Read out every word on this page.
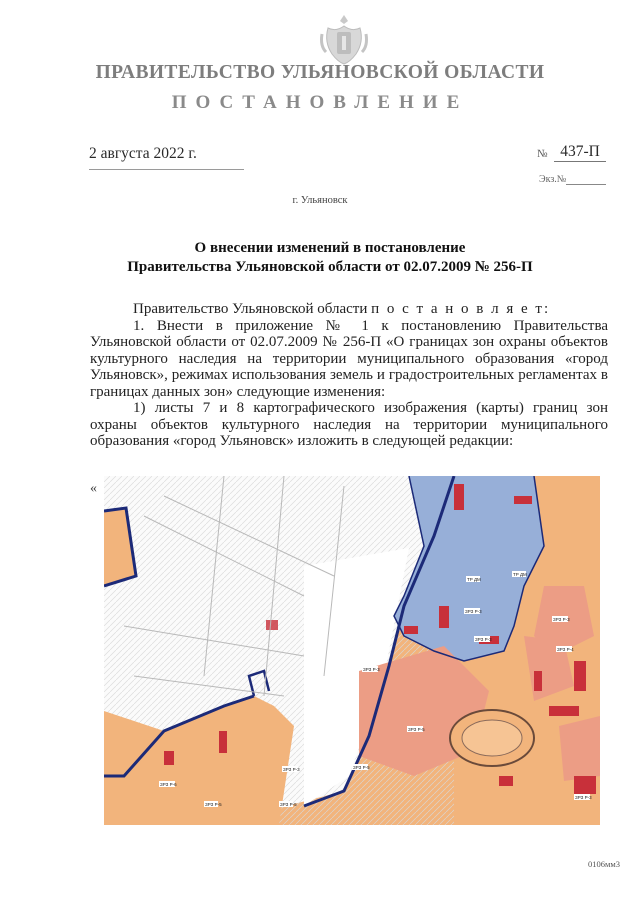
ПРАВИТЕЛЬСТВО УЛЬЯНОВСКОЙ ОБЛАСТИ
ПОСТАНОВЛЕНИЕ
2 августа 2022 г.	№ 437-П
Экз.№
г. Ульяновск
О внесении изменений в постановление
Правительства Ульяновской области от 02.07.2009 № 256-П

Правительство Ульяновской области п о с т а н о в л я е т:

1. Внести в приложение № 1 к постановлению Правительства Ульяновской области от 02.07.2009 № 256-П «О границах зон охраны объектов культурного наследия на территории муниципального образования «город Ульяновск», режимах использования земель и градостроительных регламентах в границах данных зон» следующие изменения:

1) листы 7 и 8 картографического изображения (карты) границ зон охраны объектов культурного наследия на территории муниципального образования «город Ульяновск» изложить в следующей редакции:

«
ТР ДМ
ТР ДМ
ЗРЗ Р-3
ЗРЗ Р-3
ЗРЗ Р-3
ЗРЗ Р-3
ЗРЗ Р-5
ЗРЗ Р-5
ЗРЗ Р-5
ЗРЗ Р-5
ЗРЗ Р-6
ЗРЗ Р-4
ЗРЗ Р-3
ЗРЗ Р-3
0106мм3
